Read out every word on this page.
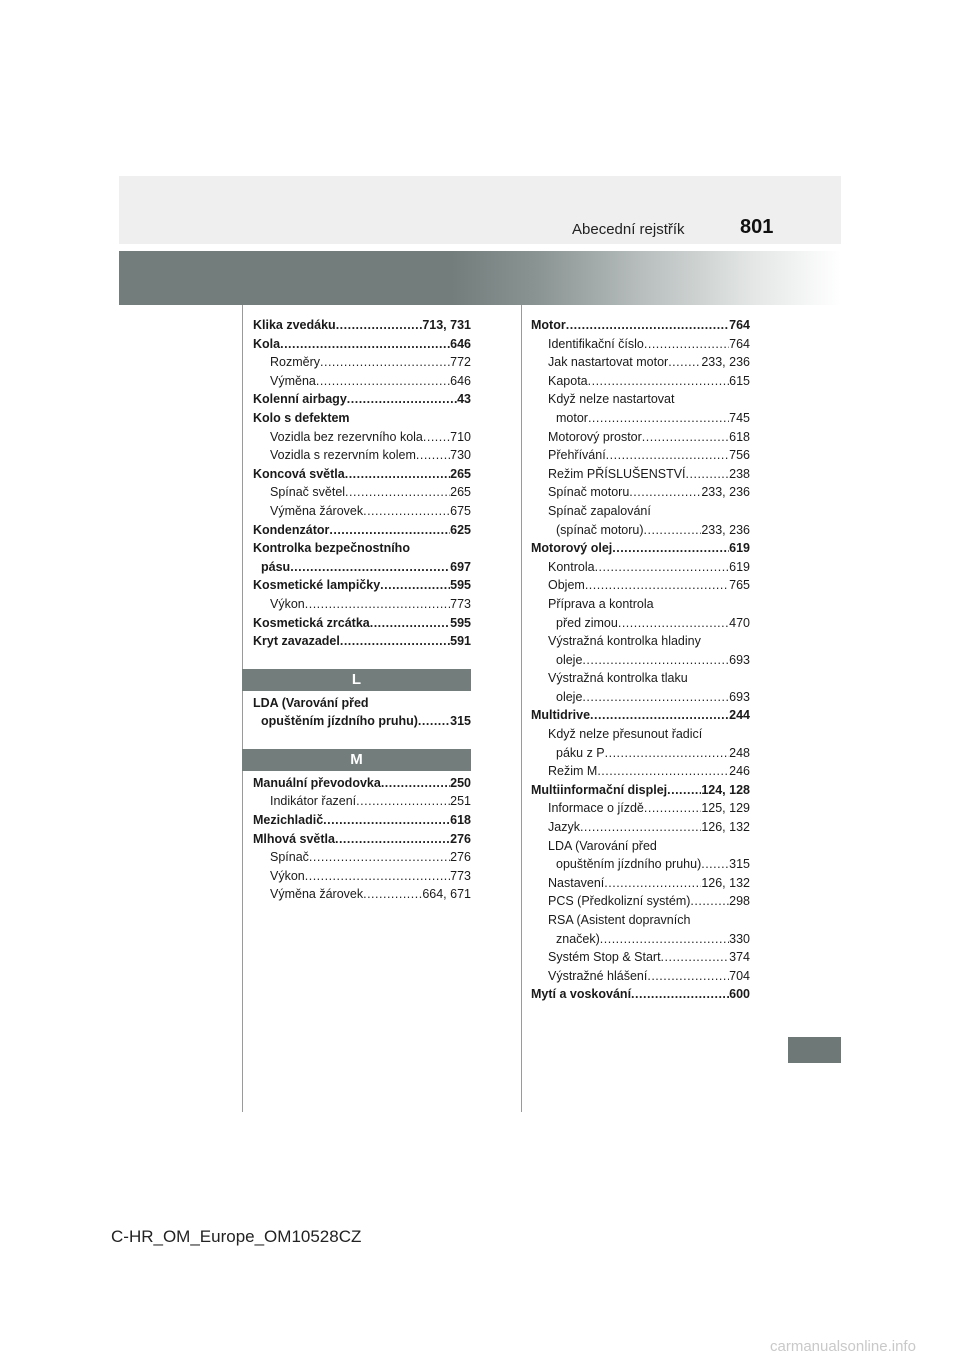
Abecední rejstřík	801
Klika zvedáku .....	713, 731
Kola .....	646
Rozměry .....	772
Výměna .....	646
Kolenní airbagy .....	43
Kolo s defektem
Vozidla bez rezervního kola ..... 710
Vozidla s rezervním kolem .....	730
Koncová světla .....	265
Spínač světel .....	265
Výměna žárovek .....	675
Kondenzátor .....	625
Kontrolka bezpečnostního
pásu .....	697
Kosmetické lampičky .....	595
Výkon .....	773
Kosmetická zrcátka .....	595
Kryt zavazadel .....	591
L
LDA (Varování před
opuštěním jízdního pruhu) .....	315
M
Manuální převodovka .....	250
Indikátor řazení .....	251
Mezichladič .....	618
Mlhová světla .....	276
Spínač .....	276
Výkon .....	773
Výměna žárovek .....	664, 671
Motor .....	764
Identifikační číslo .....	764
Jak nastartovat motor .....	233, 236
Kapota .....	615
Když nelze nastartovat
motor .....	745
Motorový prostor .....	618
Přehřívání .....	756
Režim PŘÍSLUŠENSTVÍ .....	238
Spínač motoru .....	233, 236
Spínač zapalování
(spínač motoru) .....	233, 236
Motorový olej .....	619
Kontrola .....	619
Objem .....	765
Příprava a kontrola
před zimou .....	470
Výstražná kontrolka hladiny
oleje .....	693
Výstražná kontrolka tlaku
oleje .....	693
Multidrive .....	244
Když nelze přesunout řadicí
páku z P .....	248
Režim M .....	246
Multiinformační displej .....	124, 128
Informace o jízdě .....	125, 129
Jazyk .....	126, 132
LDA (Varování před
opuštěním jízdního pruhu) ..... 315
Nastavení .....	126, 132
PCS (Předkolizní systém) .....	298
RSA (Asistent dopravních
značek) .....	330
Systém Stop & Start .....	374
Výstražné hlášení .....	704
Mytí a voskování .....	600
C-HR_OM_Europe_OM10528CZ
carmanualsonline.info
